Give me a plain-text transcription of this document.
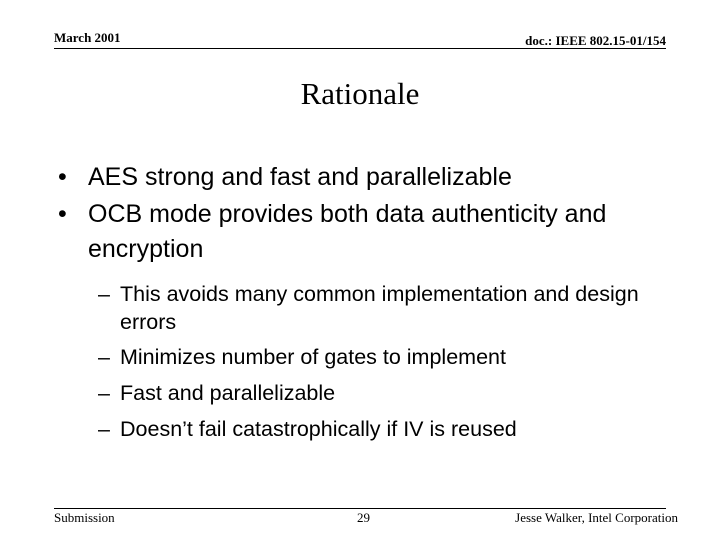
March 2001	doc.: IEEE 802.15-01/154
Rationale
• AES strong and fast and parallelizable
• OCB mode provides both data authenticity and encryption
– This avoids many common implementation and design errors
– Minimizes number of gates to implement
– Fast and parallelizable
– Doesn’t fail catastrophically if IV is reused
Submission	29	Jesse Walker, Intel Corporation
